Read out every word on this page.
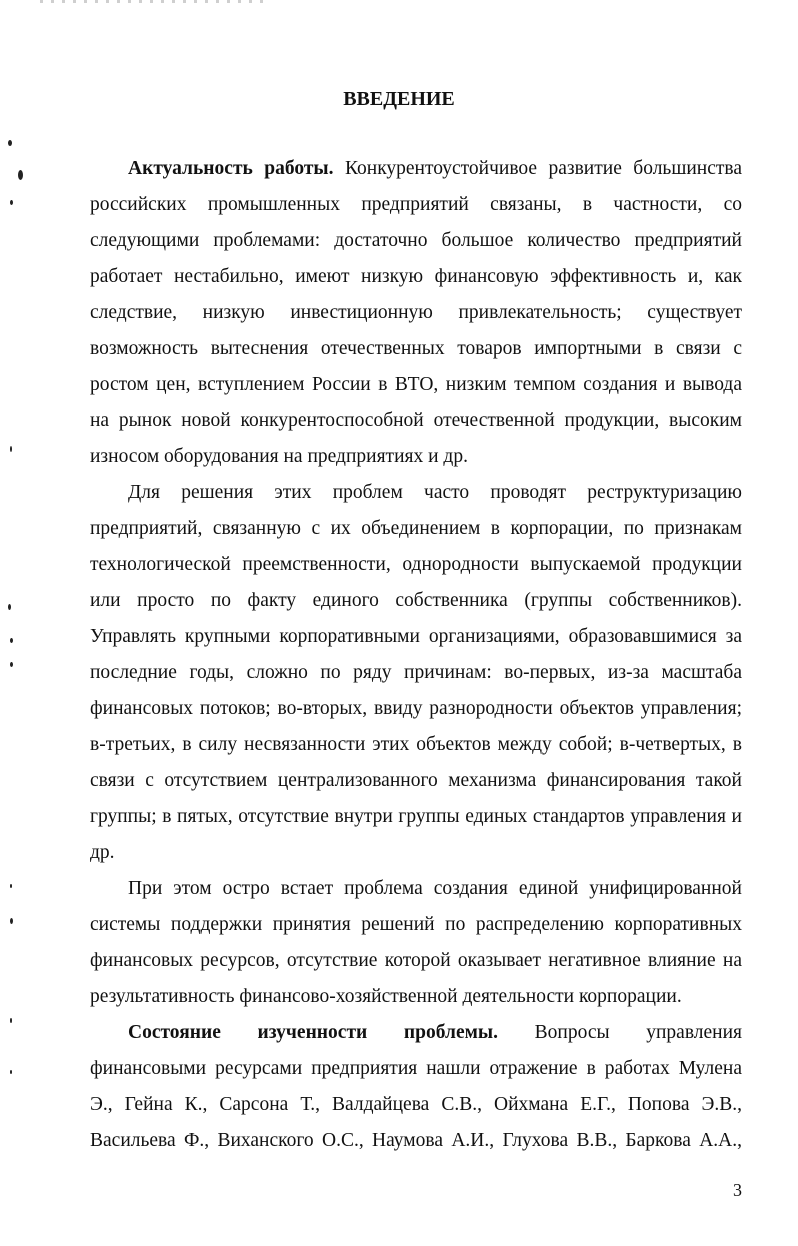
ВВЕДЕНИЕ
Актуальность работы. Конкурентоустойчивое развитие большинства
российских промышленных предприятий связаны, в частности, со
следующими проблемами: достаточно большое количество предприятий
работает нестабильно, имеют низкую финансовую эффективность и, как
следствие, низкую инвестиционную привлекательность; существует
возможность вытеснения отечественных товаров импортными в связи с
ростом цен, вступлением России в ВТО, низким темпом создания и вывода
на рынок новой конкурентоспособной отечественной продукции, высоким
износом оборудования на предприятиях и др.
Для решения этих проблем часто проводят реструктуризацию
предприятий, связанную с их объединением в корпорации, по признакам
технологической преемственности, однородности выпускаемой продукции
или просто по факту единого собственника (группы собственников).
Управлять крупными корпоративными организациями, образовавшимися за
последние годы, сложно по ряду причинам: во-первых, из-за масштаба
финансовых потоков; во-вторых, ввиду разнородности объектов управления;
в-третьих, в силу несвязанности этих объектов между собой; в-четвертых, в
связи с отсутствием централизованного механизма финансирования такой
группы; в пятых, отсутствие внутри группы единых стандартов управления и
др.
При этом остро встает проблема создания единой унифицированной
системы поддержки принятия решений по распределению корпоративных
финансовых ресурсов, отсутствие которой оказывает негативное влияние на
результативность финансово-хозяйственной деятельности корпорации.
Состояние изученности проблемы. Вопросы управления
финансовыми ресурсами предприятия нашли отражение в работах Мулена
Э., Гейна К., Сарсона Т., Валдайцева С.В., Ойхмана Е.Г., Попова Э.В.,
Васильева Ф., Виханского О.С., Наумова А.И., Глухова В.В., Баркова А.А.,
3
